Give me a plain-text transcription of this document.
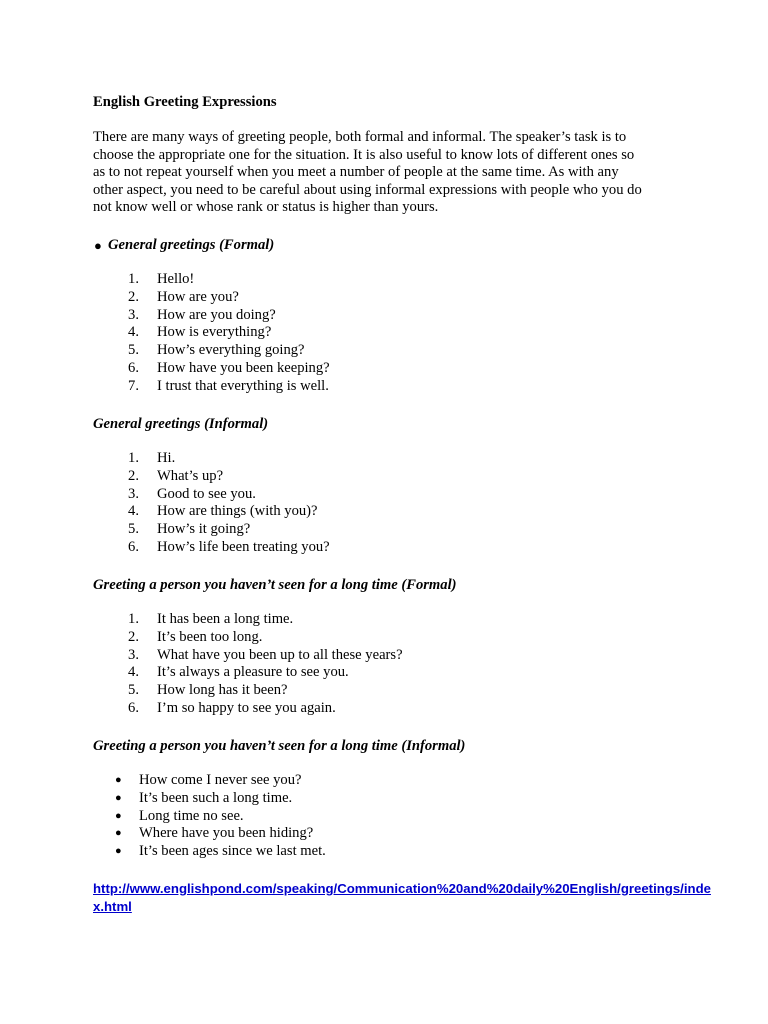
English Greeting Expressions
There are many ways of greeting people, both formal and informal. The speaker’s task is to
choose the appropriate one for the situation. It is also useful to know lots of different ones so
as to not repeat yourself when you meet a number of people at the same time. As with any
other aspect, you need to be careful about using informal expressions with people who you do
not know well or whose rank or status is higher than yours.
● General greetings (Formal)
1. Hello!
2. How are you?
3. How are you doing?
4. How is everything?
5. How’s everything going?
6. How have you been keeping?
7. I trust that everything is well.
General greetings (Informal)
1. Hi.
2. What’s up?
3. Good to see you.
4. How are things (with you)?
5. How’s it going?
6. How’s life been treating you?
Greeting a person you haven’t seen for a long time (Formal)
1. It has been a long time.
2. It’s been too long.
3. What have you been up to all these years?
4. It’s always a pleasure to see you.
5. How long has it been?
6. I’m so happy to see you again.
Greeting a person you haven’t seen for a long time (Informal)
● How come I never see you?
● It’s been such a long time.
● Long time no see.
● Where have you been hiding?
● It’s been ages since we last met.
http://www.englishpond.com/speaking/Communication%20and%20daily%20English/greetings/inde
x.html
